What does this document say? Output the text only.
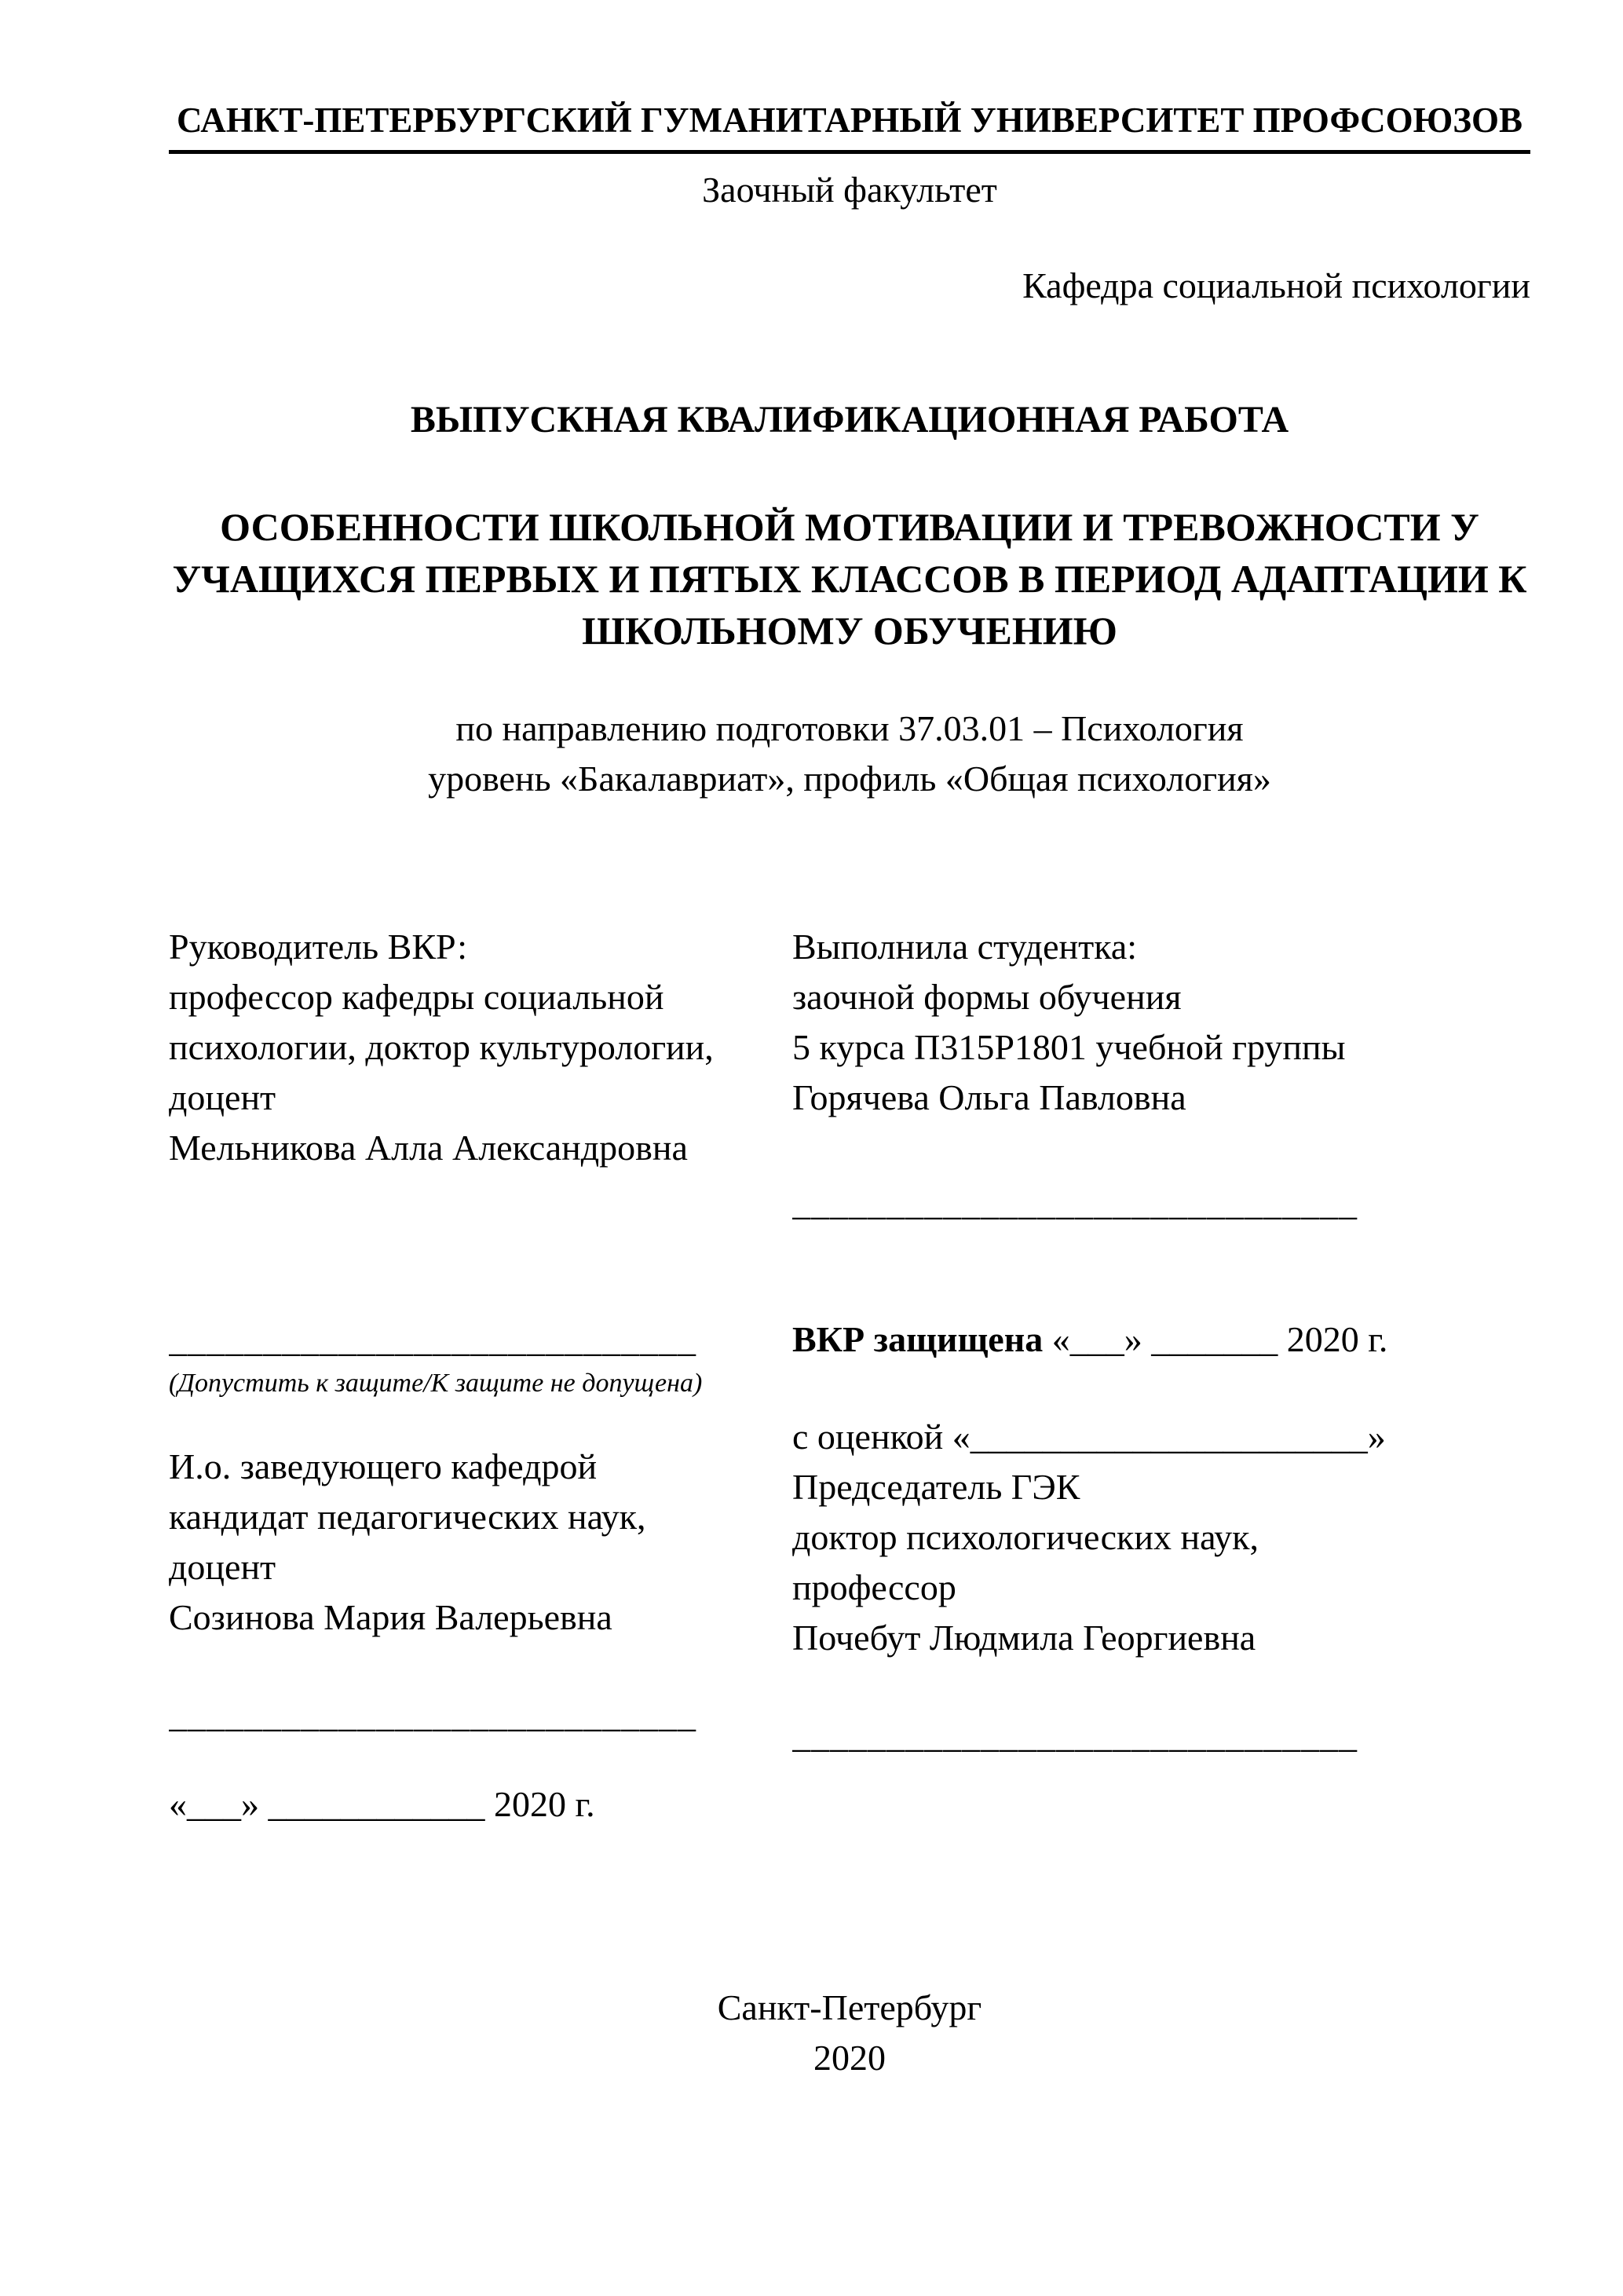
САНКТ-ПЕТЕРБУРГСКИЙ ГУМАНИТАРНЫЙ УНИВЕРСИТЕТ ПРОФСОЮЗОВ
Заочный факультет
Кафедра социальной психологии
ВЫПУСКНАЯ КВАЛИФИКАЦИОННАЯ РАБОТА
ОСОБЕННОСТИ ШКОЛЬНОЙ МОТИВАЦИИ И ТРЕВОЖНОСТИ У
УЧАЩИХСЯ ПЕРВЫХ И ПЯТЫХ КЛАССОВ В ПЕРИОД АДАПТАЦИИ К
ШКОЛЬНОМУ ОБУЧЕНИЮ
по направлению подготовки 37.03.01 – Психология
уровень «Бакалавриат», профиль «Общая психология»
Руководитель ВКР:
профессор кафедры социальной
психологии, доктор культурологии,
доцент
Мельникова Алла Александровна
____________________________
(Допустить к защите/К защите не допущена)
И.о. заведующего кафедрой
кандидат педагогических наук,
доцент
Созинова Мария Валерьевна
____________________________
«___» ____________ 2020 г.
Выполнила студентка:
заочной формы обучения
5 курса П315Р1801 учебной группы
Горячева Ольга Павловна
______________________________
ВКР защищена «___» _______ 2020 г.
с оценкой «______________________»
Председатель ГЭК
доктор психологических наук,
профессор
Почебут Людмила Георгиевна
______________________________
Санкт-Петербург
2020
